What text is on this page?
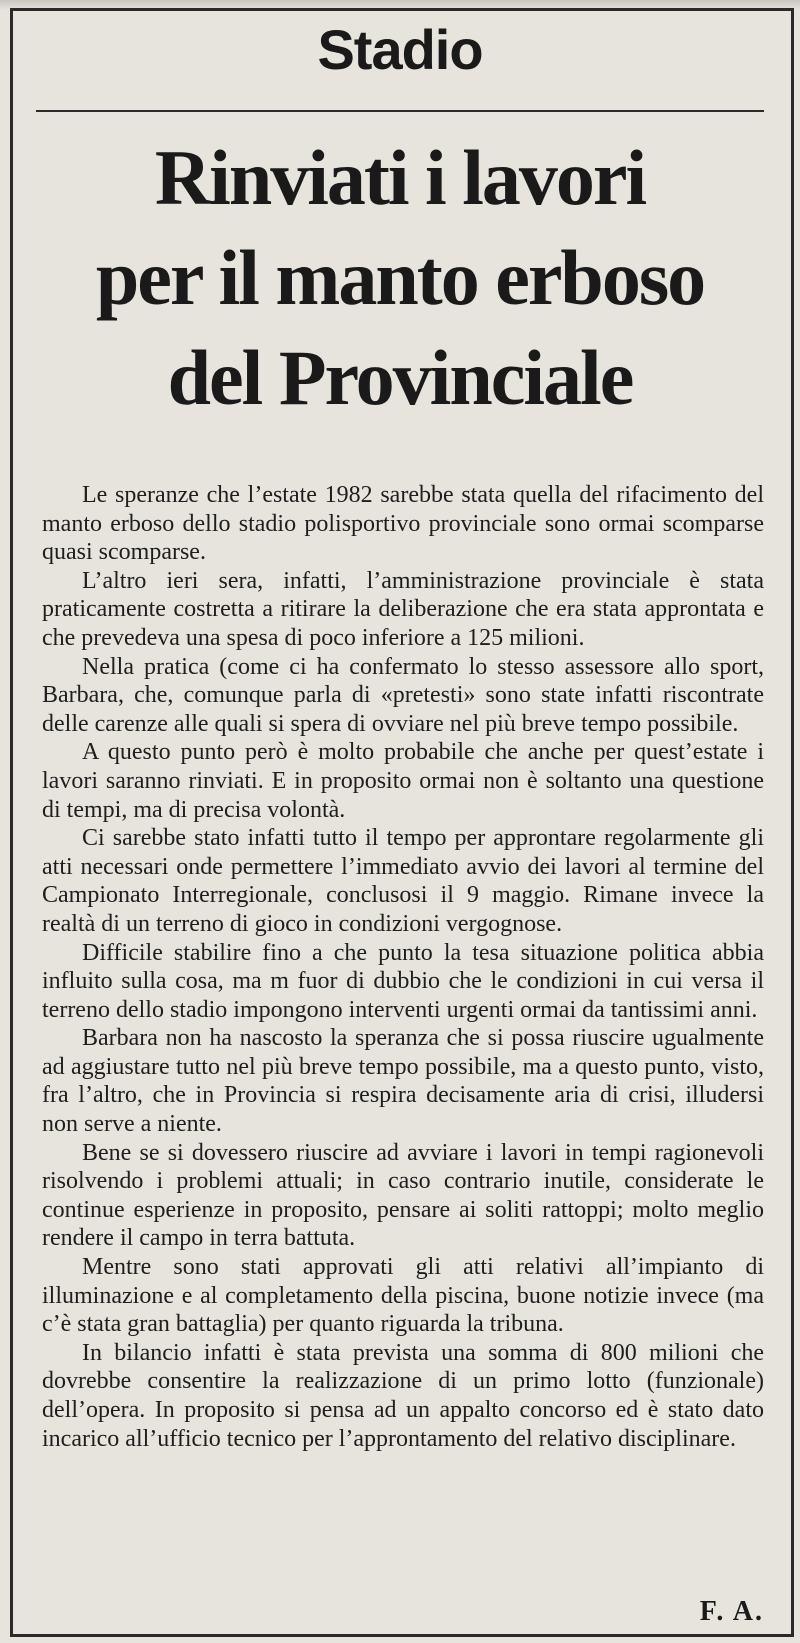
Stadio
Rinviati i lavori
per il manto erboso
del Provinciale

Le speranze che l’estate 1982 sarebbe stata quella del rifacimento del manto erboso dello stadio polisportivo provinciale sono ormai scomparse quasi scomparse.

L’altro ieri sera, infatti, l’amministrazione provinciale è stata praticamente costretta a ritirare la deliberazione che era stata approntata e che prevedeva una spesa di poco inferiore a 125 milioni.

Nella pratica (come ci ha confermato lo stesso assessore allo sport, Barbara, che, comunque parla di «pretesti» sono state infatti riscontrate delle carenze alle quali si spera di ovviare nel più breve tempo possibile.

A questo punto però è molto probabile che anche per quest’estate i lavori saranno rinviati. E in proposito ormai non è soltanto una questione di tempi, ma di precisa volontà.

Ci sarebbe stato infatti tutto il tempo per approntare regolarmente gli atti necessari onde permettere l’immediato avvio dei lavori al termine del Campionato Interregionale, conclusosi il 9 maggio. Rimane invece la realtà di un terreno di gioco in condizioni vergognose.

Difficile stabilire fino a che punto la tesa situazione politica abbia influito sulla cosa, ma m fuor di dubbio che le condizioni in cui versa il terreno dello stadio impongono interventi urgenti ormai da tantissimi anni.

Barbara non ha nascosto la speranza che si possa riuscire ugualmente ad aggiustare tutto nel più breve tempo possibile, ma a questo punto, visto, fra l’altro, che in Provincia si respira decisamente aria di crisi, illudersi non serve a niente.

Bene se si dovessero riuscire ad avviare i lavori in tempi ragionevoli risolvendo i problemi attuali; in caso contrario inutile, considerate le continue esperienze in proposito, pensare ai soliti rattoppi; molto meglio rendere il campo in terra battuta.

Mentre sono stati approvati gli atti relativi all’impianto di illuminazione e al completamento della piscina, buone notizie invece (ma c’è stata gran battaglia) per quanto riguarda la tribuna.

In bilancio infatti è stata prevista una somma di 800 milioni che dovrebbe consentire la realizzazione di un primo lotto (funzionale) dell’opera. In proposito si pensa ad un appalto concorso ed è stato dato incarico all’ufficio tecnico per l’approntamento del relativo disciplinare.

F. A.
